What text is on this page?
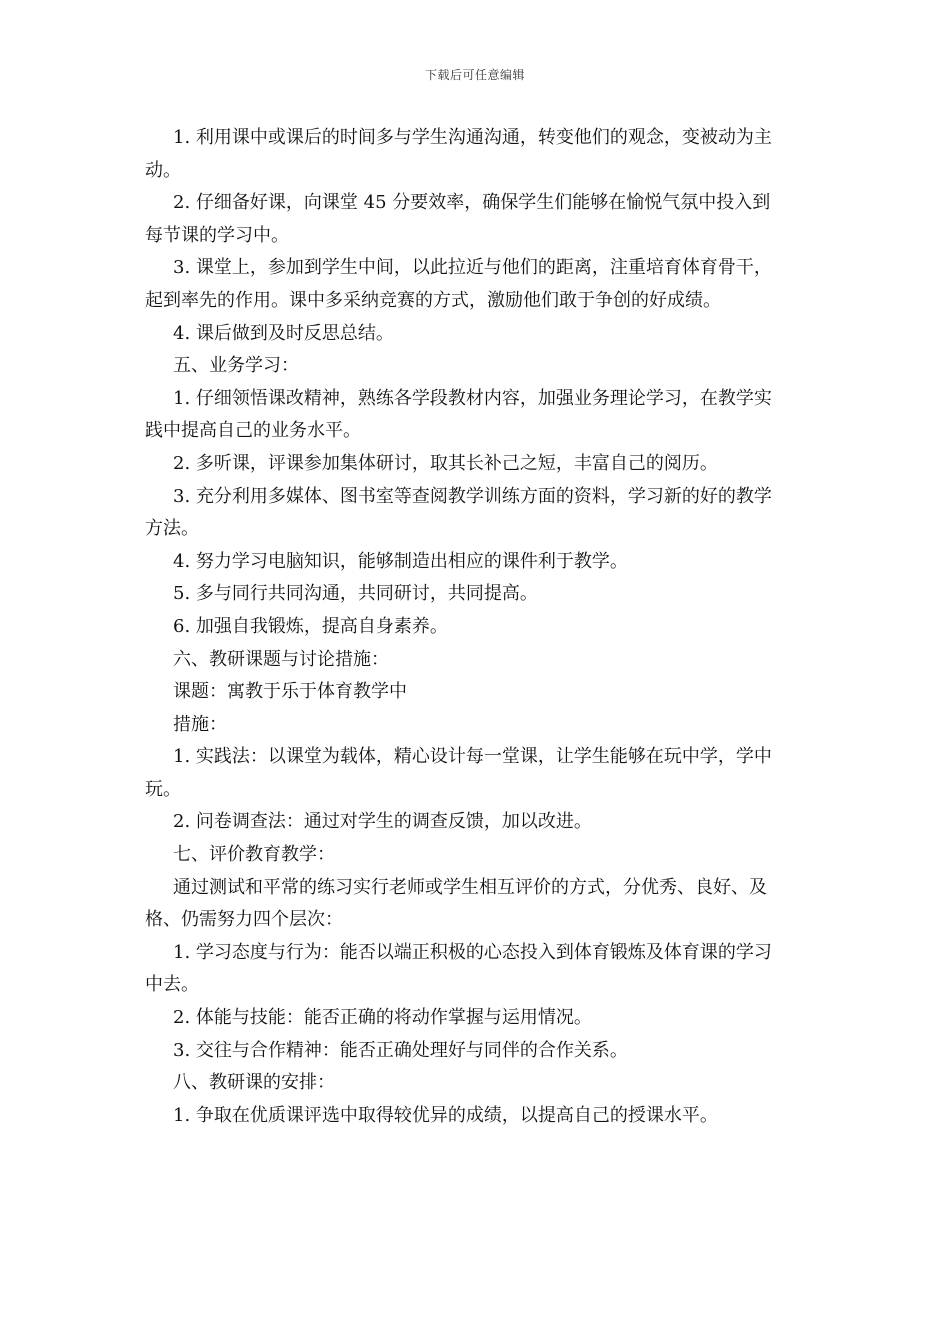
下载后可任意编辑
1. 利用课中或课后的时间多与学生沟通沟通，转变他们的观念，变被动为主
动。
2. 仔细备好课，向课堂 45 分要效率，确保学生们能够在愉悦气氛中投入到
每节课的学习中。
3. 课堂上，参加到学生中间，以此拉近与他们的距离，注重培育体育骨干，
起到率先的作用。课中多采纳竞赛的方式，激励他们敢于争创的好成绩。
4. 课后做到及时反思总结。
五、业务学习：
1. 仔细领悟课改精神，熟练各学段教材内容，加强业务理论学习，在教学实
践中提高自己的业务水平。
2. 多听课，评课参加集体研讨，取其长补己之短，丰富自己的阅历。
3. 充分利用多媒体、图书室等查阅教学训练方面的资料，学习新的好的教学
方法。
4. 努力学习电脑知识，能够制造出相应的课件利于教学。
5. 多与同行共同沟通，共同研讨，共同提高。
6. 加强自我锻炼，提高自身素养。
六、教研课题与讨论措施：
课题：寓教于乐于体育教学中
措施：
1. 实践法：以课堂为载体，精心设计每一堂课，让学生能够在玩中学，学中
玩。
2. 问卷调查法：通过对学生的调查反馈，加以改进。
七、评价教育教学：
通过测试和平常的练习实行老师或学生相互评价的方式，分优秀、良好、及
格、仍需努力四个层次：
1. 学习态度与行为：能否以端正积极的心态投入到体育锻炼及体育课的学习
中去。
2. 体能与技能：能否正确的将动作掌握与运用情况。
3. 交往与合作精神：能否正确处理好与同伴的合作关系。
八、教研课的安排：
1. 争取在优质课评选中取得较优异的成绩，以提高自己的授课水平。
